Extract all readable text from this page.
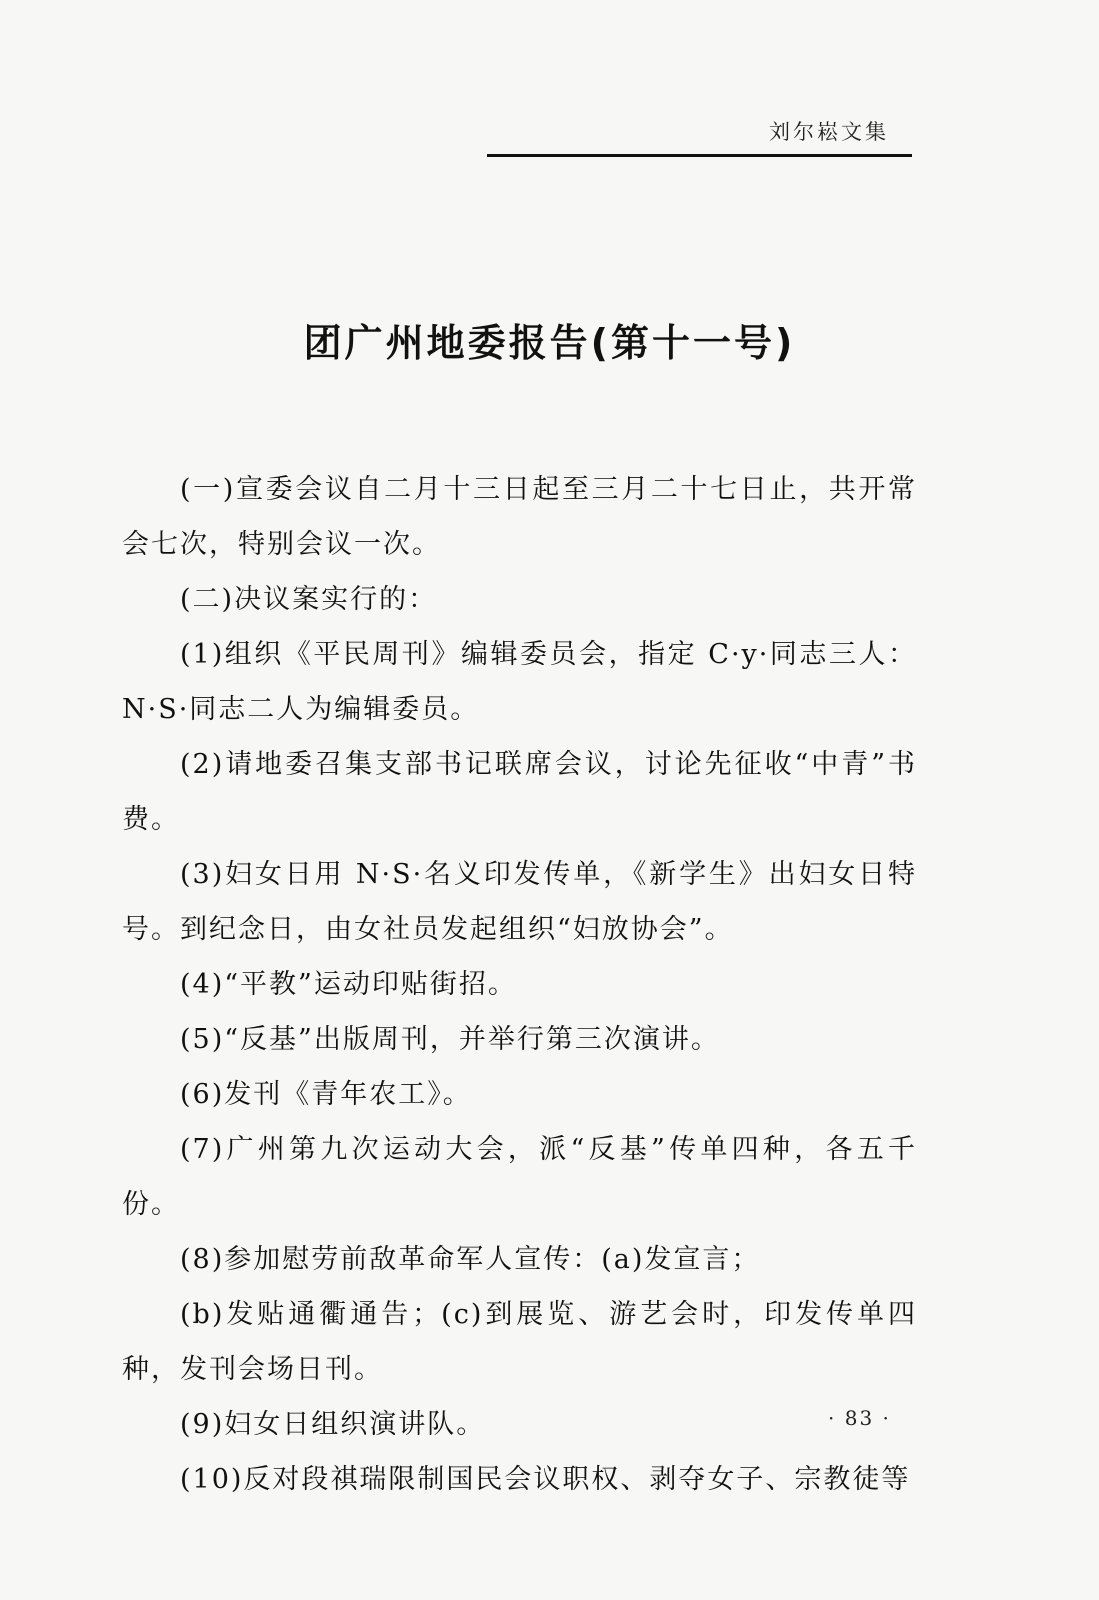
刘尔崧文集
团广州地委报告(第十一号)

(一)宣委会议自二月十三日起至三月二十七日止，共开常会七次，特别会议一次。

(二)决议案实行的：

(1)组织《平民周刊》编辑委员会，指定 C·y·同志三人：N·S·同志二人为编辑委员。

(2)请地委召集支部书记联席会议，讨论先征收“中青”书费。

(3)妇女日用 N·S·名义印发传单，《新学生》出妇女日特号。到纪念日，由女社员发起组织“妇放协会”。

(4)“平教”运动印贴街招。

(5)“反基”出版周刊，并举行第三次演讲。

(6)发刊《青年农工》。

(7)广州第九次运动大会，派“反基”传单四种，各五千份。

(8)参加慰劳前敌革命军人宣传：(a)发宣言；

(b)发贴通衢通告；(c)到展览、游艺会时，印发传单四种，发刊会场日刊。

(9)妇女日组织演讲队。

(10)反对段祺瑞限制国民会议职权、剥夺女子、宗教徒等

· 83 ·
